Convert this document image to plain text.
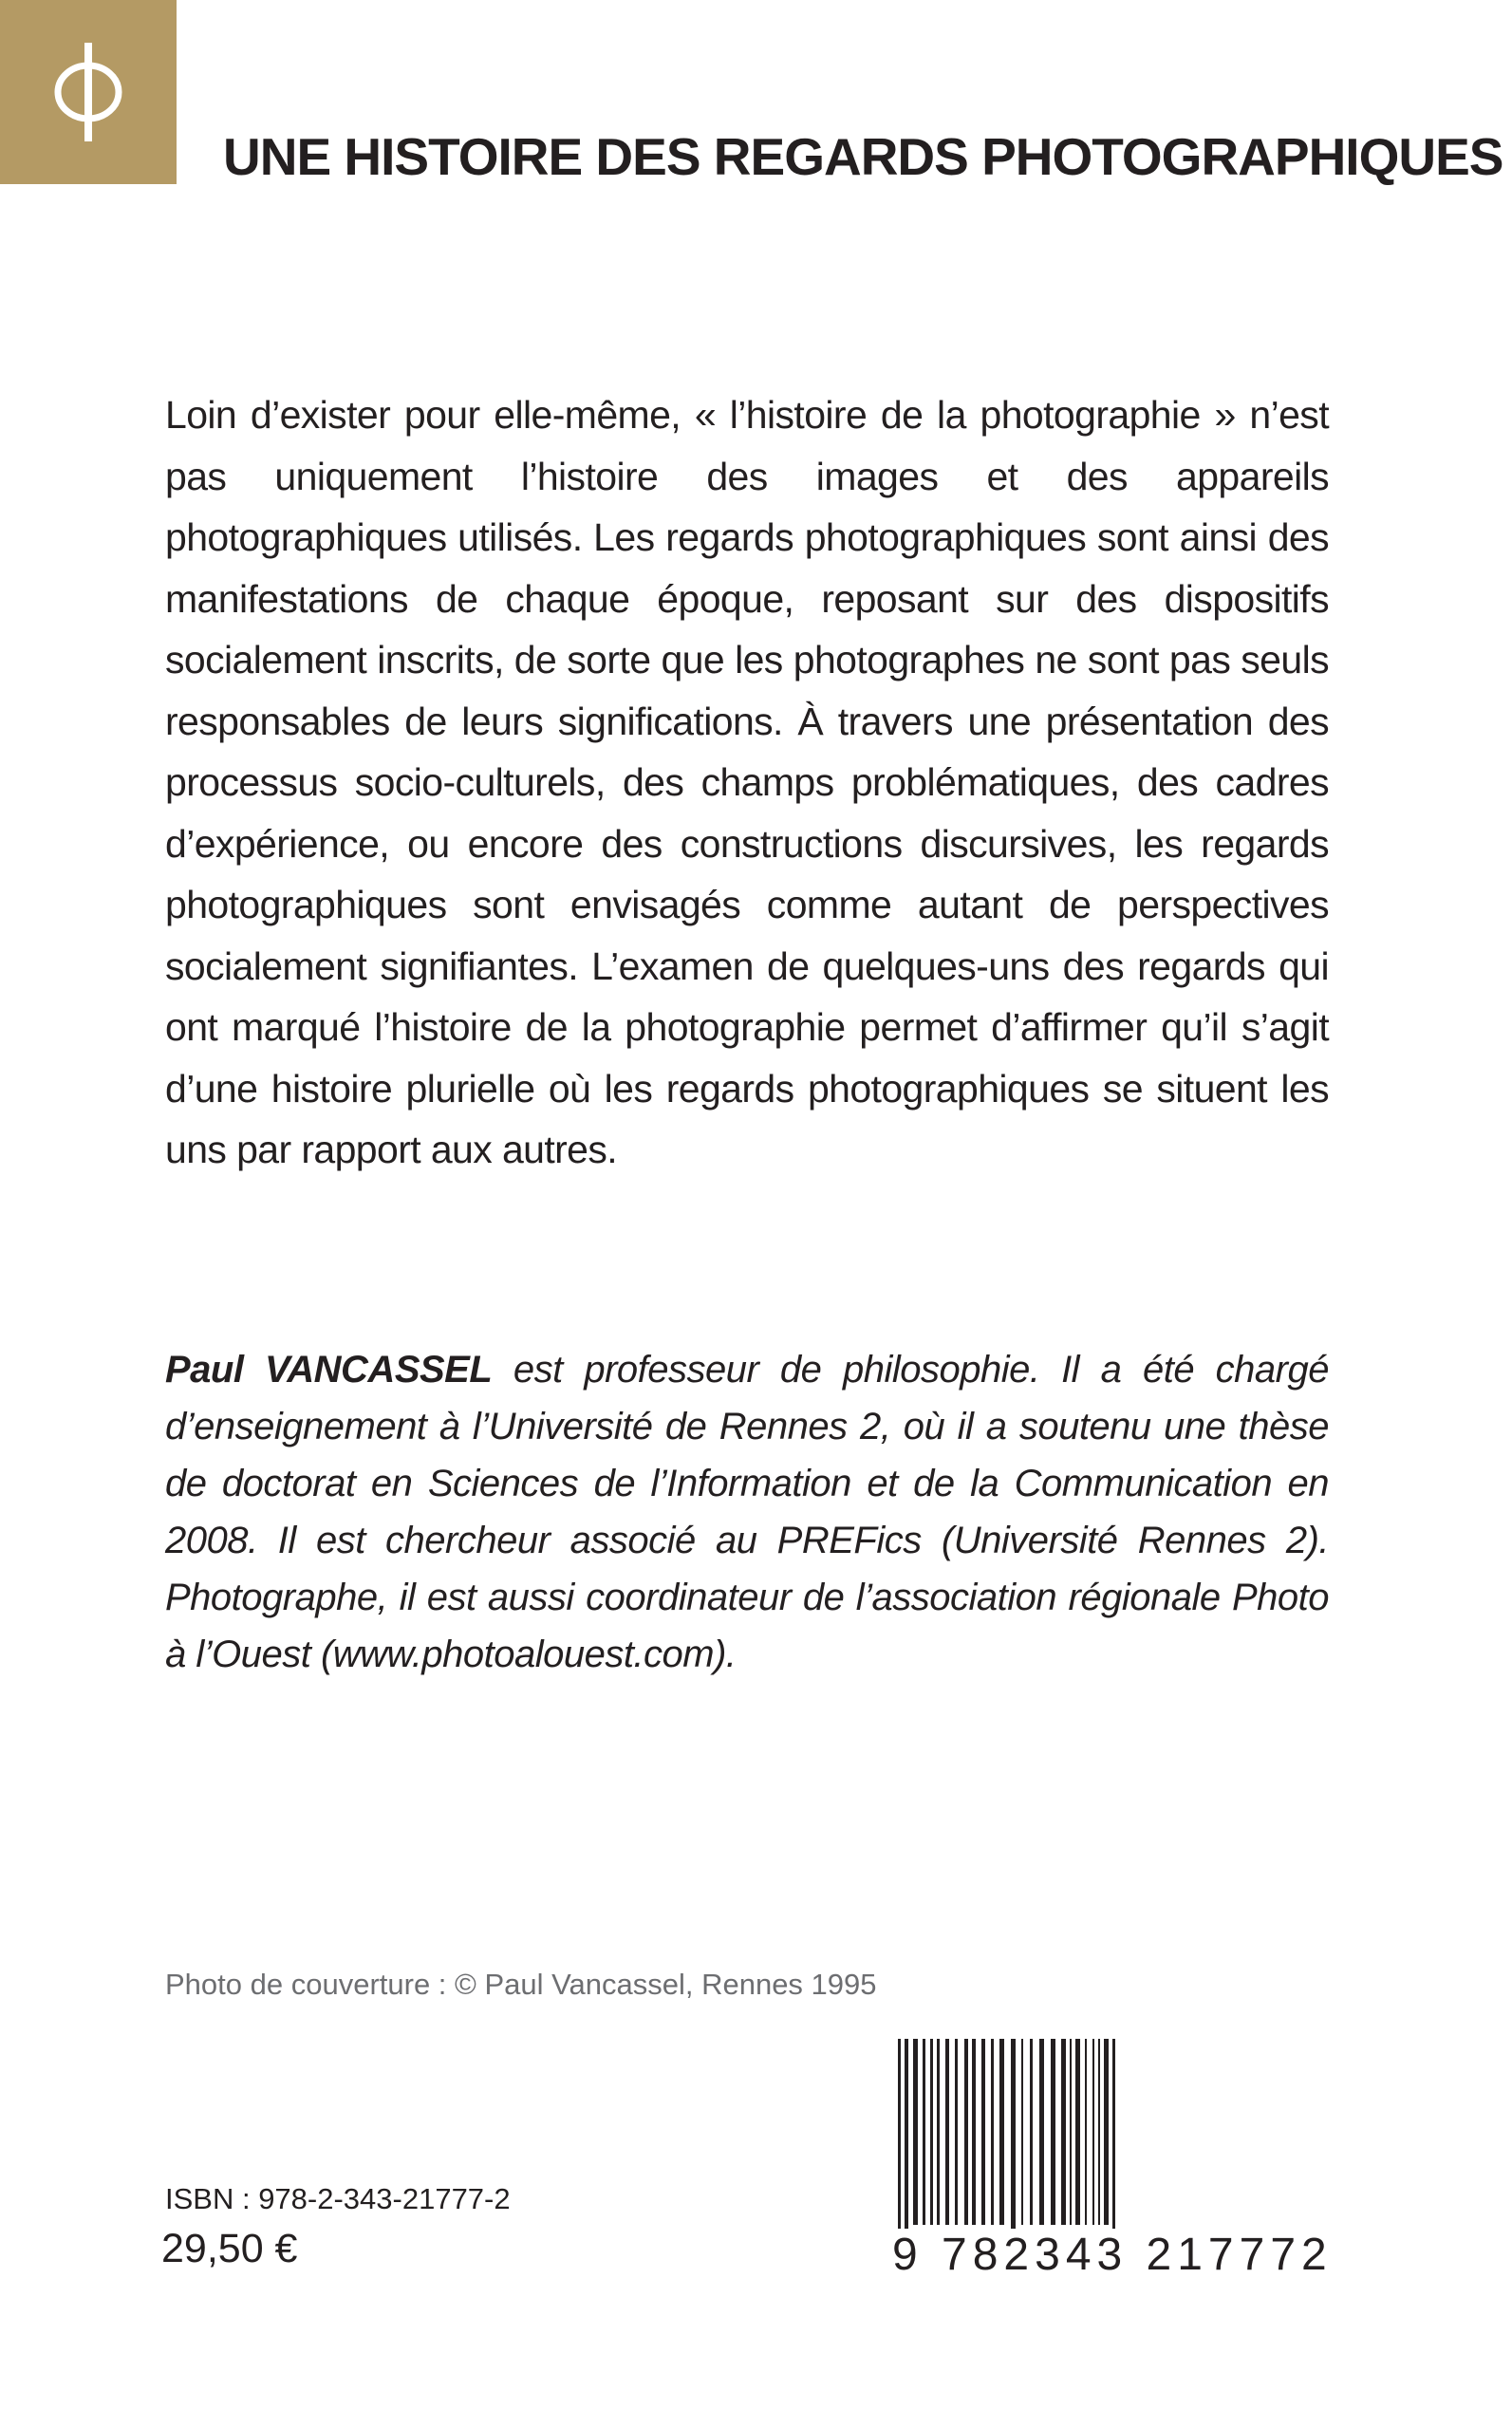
UNE HISTOIRE DES REGARDS PHOTOGRAPHIQUES

Loin d’exister pour elle-même, « l’histoire de la photographie » n’est pas uniquement l’histoire des images et des appareils photographiques utilisés. Les regards photographiques sont ainsi des manifestations de chaque époque, reposant sur des dispositifs socialement inscrits, de sorte que les photographes ne sont pas seuls responsables de leurs significations. À travers une présentation des processus socio-culturels, des champs problématiques, des cadres d’expérience, ou encore des constructions discursives, les regards photographiques sont envisagés comme autant de perspectives socialement signifiantes. L’examen de quelques-uns des regards qui ont marqué l’histoire de la photographie permet d’affirmer qu’il s’agit d’une histoire plurielle où les regards photographiques se situent les uns par rapport aux autres.

Paul VANCASSEL est professeur de philosophie. Il a été chargé d’enseignement à l’Université de Rennes 2, où il a soutenu une thèse de doctorat en Sciences de l’Information et de la Communication en 2008. Il est chercheur associé au PREFics (Université Rennes 2). Photographe, il est aussi coordinateur de l’association régionale Photo à l’Ouest (www.photoalouest.com).
Photo de couverture : © Paul Vancassel, Rennes 1995
9 782343 217772
ISBN : 978-2-343-21777-2
29,50 €
